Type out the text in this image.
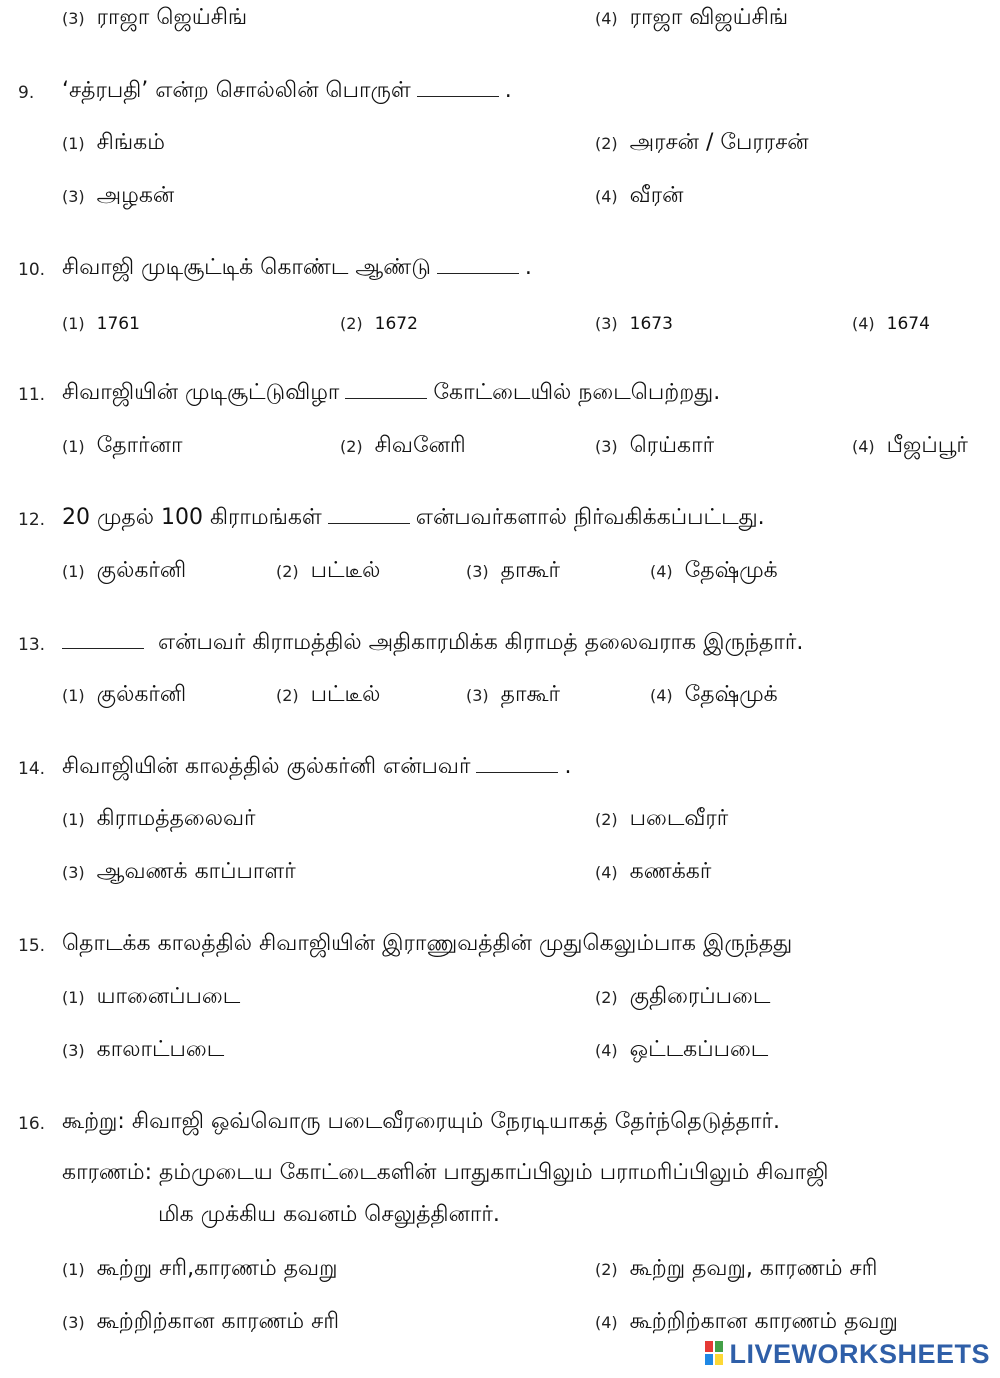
(3) ராஜா ஜெய்சிங்	(4) ராஜா விஜய்சிங்
9. ‘சத்ரபதி’ என்ற சொல்லின் பொருள்	.
(1) சிங்கம்	(2) அரசன் / பேரரசன்
(3) அழகன்	(4) வீரன்
10. சிவாஜி முடிசூட்டிக் கொண்ட ஆண்டு	.
(1) 1761	(2) 1672	(3) 1673	(4) 1674
11. சிவாஜியின் முடிசூட்டுவிழா	கோட்டையில் நடைபெற்றது.
(1) தோர்னா	(2) சிவனேரி	(3) ரெய்கார்	(4) பீஜப்பூர்
12. 20 முதல் 100 கிராமங்கள்	என்பவர்களால் நிர்வகிக்கப்பட்டது.
(1) குல்கர்னி	(2) பட்டீல்	(3) தாகூர்	(4) தேஷ்முக்
13.	என்பவர் கிராமத்தில் அதிகாரமிக்க கிராமத் தலைவராக இருந்தார்.
(1) குல்கர்னி	(2) பட்டீல்	(3) தாகூர்	(4) தேஷ்முக்
14. சிவாஜியின் காலத்தில் குல்கர்னி என்பவர்	.
(1) கிராமத்தலைவர்	(2) படைவீரர்
(3) ஆவணக் காப்பாளர்	(4) கணக்கர்
15. தொடக்க காலத்தில் சிவாஜியின் இராணுவத்தின் முதுகெலும்பாக இருந்தது
(1) யானைப்படை	(2) குதிரைப்படை
(3) காலாட்படை	(4) ஒட்டகப்படை
16. கூற்று: சிவாஜி ஒவ்வொரு படைவீரரையும் நேரடியாகத் தேர்ந்தெடுத்தார்.
காரணம்: தம்முடைய கோட்டைகளின் பாதுகாப்பிலும் பராமரிப்பிலும் சிவாஜி
மிக முக்கிய கவனம் செலுத்தினார்.
(1) கூற்று சரி,காரணம் தவறு	(2) கூற்று தவறு, காரணம் சரி
(3) கூற்றிற்கான காரணம் சரி	(4) கூற்றிற்கான காரணம் தவறு
LIVEWORKSHEETS
